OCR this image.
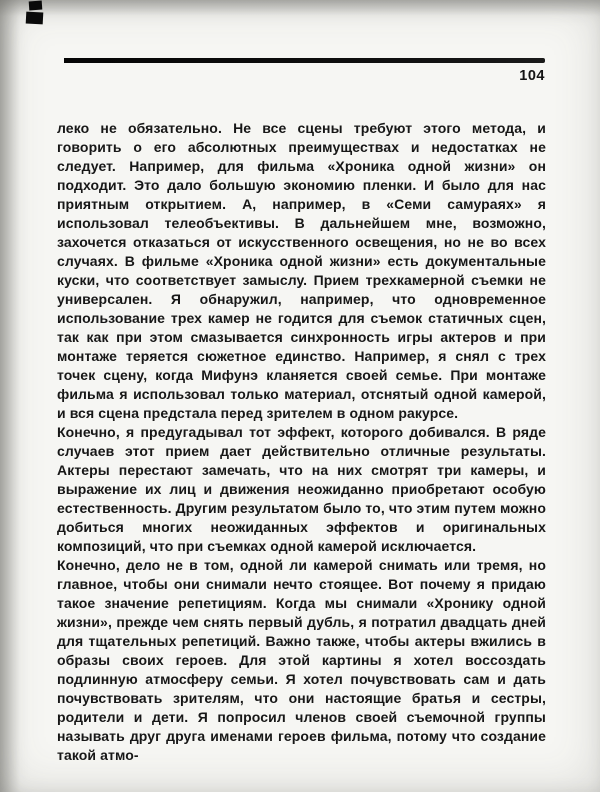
104

леко не обязательно. Не все сцены требуют этого метода, и говорить о его абсолютных преимуществах и недостатках не следует. Например, для фильма «Хроника одной жизни» он подходит. Это дало большую экономию пленки. И было для нас приятным открытием. А, например, в «Семи самураях» я использовал телеобъективы. В дальнейшем мне, возможно, захочется отказаться от искусственного освещения, но не во всех случаях. В фильме «Хроника одной жизни» есть документальные куски, что соответствует замыслу. Прием трехкамерной съемки не универсален. Я обнаружил, например, что одновременное использование трех камер не годится для съемок статичных сцен, так как при этом смазывается синхронность игры актеров и при монтаже теряется сюжетное единство. Например, я снял с трех точек сцену, когда Мифунэ кланяется своей семье. При монтаже фильма я использовал только материал, отснятый одной камерой, и вся сцена предстала перед зрителем в одном ракурсе.

Конечно, я предугадывал тот эффект, которого добивался. В ряде случаев этот прием дает действительно отличные результаты. Актеры перестают замечать, что на них смотрят три камеры, и выражение их лиц и движения неожиданно приобретают особую естественность. Другим результатом было то, что этим путем можно добиться многих неожиданных эффектов и оригинальных композиций, что при съемках одной камерой исключается.

Конечно, дело не в том, одной ли камерой снимать или тремя, но главное, чтобы они снимали нечто стоящее. Вот почему я придаю такое значение репетициям. Когда мы снимали «Хронику одной жизни», прежде чем снять первый дубль, я потратил двадцать дней для тщательных репетиций. Важно также, чтобы актеры вжились в образы своих героев. Для этой картины я хотел воссоздать подлинную атмосферу семьи. Я хотел почувствовать сам и дать почувствовать зрителям, что они настоящие братья и сестры, родители и дети. Я попросил членов своей съемочной группы называть друг друга именами героев фильма, потому что создание такой атмо-
